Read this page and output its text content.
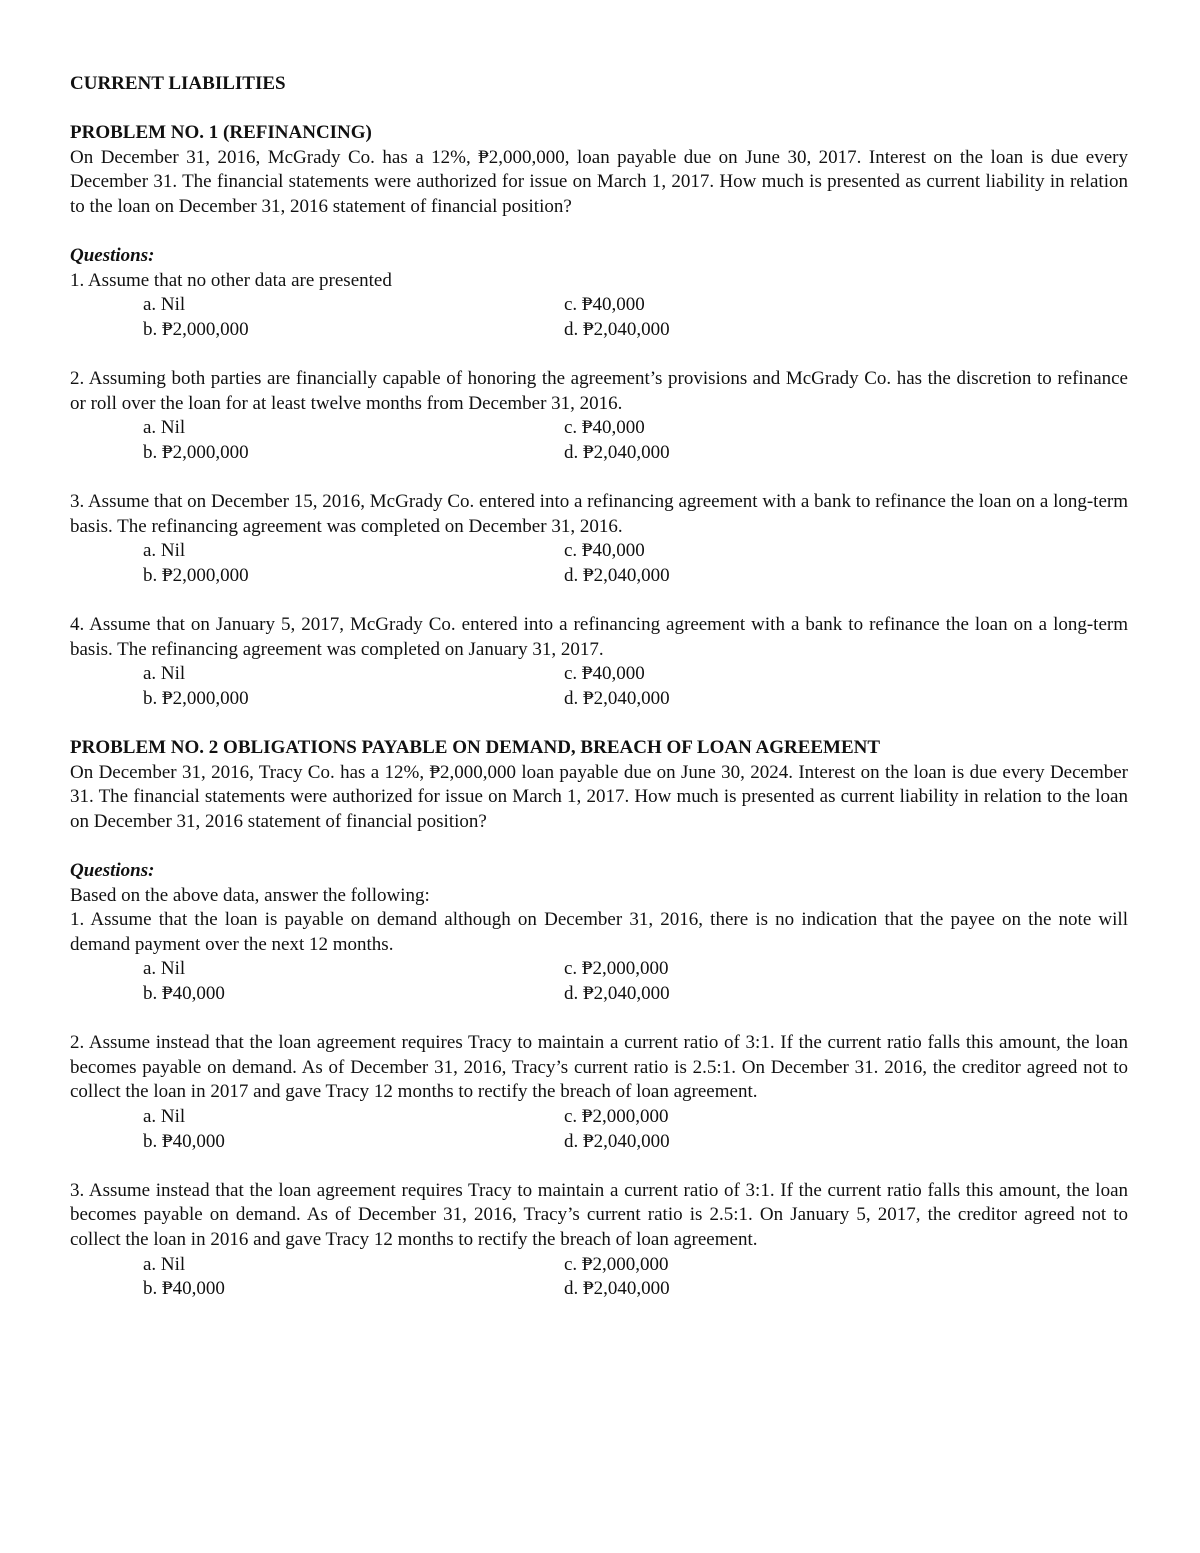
CURRENT LIABILITIES
PROBLEM NO. 1 (REFINANCING)
On December 31, 2016, McGrady Co. has a 12%, ₱2,000,000, loan payable due on June 30, 2017. Interest on the loan is due every December 31. The financial statements were authorized for issue on March 1, 2017. How much is presented as current liability in relation to the loan on December 31, 2016 statement of financial position?
Questions:
1. Assume that no other data are presented
a. Nil	c. ₱40,000
b. ₱2,000,000	d. ₱2,040,000
2. Assuming both parties are financially capable of honoring the agreement’s provisions and McGrady Co. has the discretion to refinance or roll over the loan for at least twelve months from December 31, 2016.
a. Nil	c. ₱40,000
b. ₱2,000,000	d. ₱2,040,000
3. Assume that on December 15, 2016, McGrady Co. entered into a refinancing agreement with a bank to refinance the loan on a long-term basis. The refinancing agreement was completed on December 31, 2016.
a. Nil	c. ₱40,000
b. ₱2,000,000	d. ₱2,040,000
4. Assume that on January 5, 2017, McGrady Co. entered into a refinancing agreement with a bank to refinance the loan on a long-term basis. The refinancing agreement was completed on January 31, 2017.
a. Nil	c. ₱40,000
b. ₱2,000,000	d. ₱2,040,000
PROBLEM NO. 2 OBLIGATIONS PAYABLE ON DEMAND, BREACH OF LOAN AGREEMENT
On December 31, 2016, Tracy Co. has a 12%, ₱2,000,000 loan payable due on June 30, 2024. Interest on the loan is due every December 31. The financial statements were authorized for issue on March 1, 2017. How much is presented as current liability in relation to the loan on December 31, 2016 statement of financial position?
Questions:
Based on the above data, answer the following:
1. Assume that the loan is payable on demand although on December 31, 2016, there is no indication that the payee on the note will demand payment over the next 12 months.
a. Nil	c. ₱2,000,000
b. ₱40,000	d. ₱2,040,000
2. Assume instead that the loan agreement requires Tracy to maintain a current ratio of 3:1. If the current ratio falls this amount, the loan becomes payable on demand. As of December 31, 2016, Tracy’s current ratio is 2.5:1. On December 31. 2016, the creditor agreed not to collect the loan in 2017 and gave Tracy 12 months to rectify the breach of loan agreement.
a. Nil	c. ₱2,000,000
b. ₱40,000	d. ₱2,040,000
3. Assume instead that the loan agreement requires Tracy to maintain a current ratio of 3:1. If the current ratio falls this amount, the loan becomes payable on demand. As of December 31, 2016, Tracy’s current ratio is 2.5:1. On January 5, 2017, the creditor agreed not to collect the loan in 2016 and gave Tracy 12 months to rectify the breach of loan agreement.
a. Nil	c. ₱2,000,000
b. ₱40,000	d. ₱2,040,000
